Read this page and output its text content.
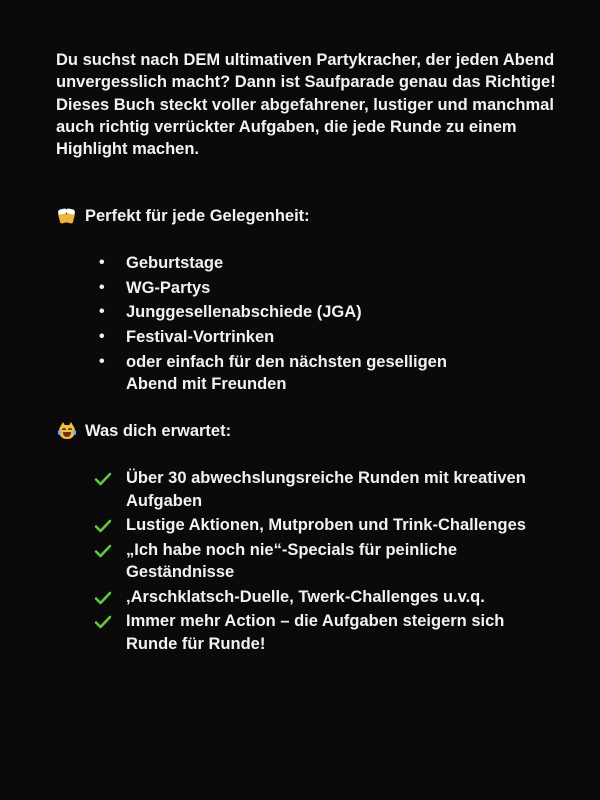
Du suchst nach DEM ultimativen Partykracher, der jeden Abend unvergesslich macht? Dann ist Saufparade genau das Richtige! Dieses Buch steckt voller abgefahrener, lustiger und manchmal auch richtig verrückter Aufgaben, die jede Runde zu einem Highlight machen.

Perfekt für jede Gelegenheit:
• Geburtstage
• WG-Partys
• Junggesellenabschiede (JGA)
• Festival-Vortrinken
• oder einfach für den nächsten geselligen Abend mit Freunden
Was dich erwartet:
Über 30 abwechslungsreiche Runden mit kreativen Aufgaben
Lustige Aktionen, Mutproben und Trink-Challenges
„Ich habe noch nie“-Specials für peinliche Geständnisse
‚Arschklatsch-Duelle, Twerk-Challenges u.v.q.
Immer mehr Action – die Aufgaben steigern sich Runde für Runde!
